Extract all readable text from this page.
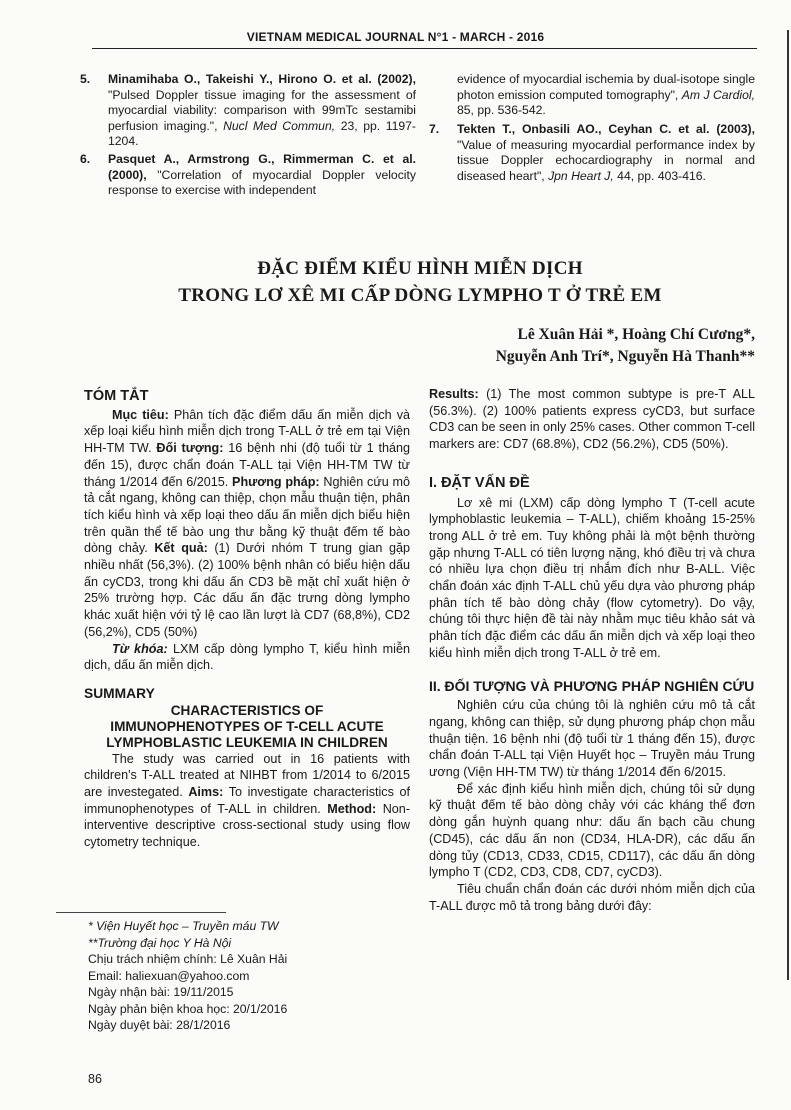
VIETNAM MEDICAL JOURNAL N°1 - MARCH - 2016
5. Minamihaba O., Takeishi Y., Hirono O. et al. (2002), "Pulsed Doppler tissue imaging for the assessment of myocardial viability: comparison with 99mTc sestamibi perfusion imaging.", Nucl Med Commun, 23, pp. 1197-1204.
6. Pasquet A., Armstrong G., Rimmerman C. et al. (2000), "Correlation of myocardial Doppler velocity response to exercise with independent
evidence of myocardial ischemia by dual-isotope single photon emission computed tomography", Am J Cardiol, 85, pp. 536-542.
7. Tekten T., Onbasili AO., Ceyhan C. et al. (2003), "Value of measuring myocardial performance index by tissue Doppler echocardiography in normal and diseased heart", Jpn Heart J, 44, pp. 403-416.
ĐẶC ĐIỂM KIỂU HÌNH MIỄN DỊCH
TRONG LƠ XÊ MI CẤP DÒNG LYMPHO T Ở TRẺ EM
Lê Xuân Hải *, Hoàng Chí Cương*,
Nguyễn Anh Trí*, Nguyễn Hà Thanh**
TÓM TẮT

Mục tiêu: Phân tích đặc điểm dấu ấn miễn dịch và xếp loại kiểu hình miễn dịch trong T-ALL ở trẻ em tại Viện HH-TM TW. Đối tượng: 16 bệnh nhi (độ tuổi từ 1 tháng đến 15), được chẩn đoán T-ALL tại Viện HH-TM TW từ tháng 1/2014 đến 6/2015. Phương pháp: Nghiên cứu mô tả cắt ngang, không can thiệp, chọn mẫu thuận tiện, phân tích kiểu hình và xếp loại theo dấu ấn miễn dịch biểu hiện trên quần thể tế bào ung thư bằng kỹ thuật đếm tế bào dòng chảy. Kết quả: (1) Dưới nhóm T trung gian gặp nhiều nhất (56,3%). (2) 100% bệnh nhân có biểu hiện dấu ấn cyCD3, trong khi dấu ấn CD3 bề mặt chỉ xuất hiện ở 25% trường hợp. Các dấu ấn đặc trưng dòng lympho khác xuất hiện với tỷ lệ cao lần lượt là CD7 (68,8%), CD2 (56,2%), CD5 (50%)

Từ khóa: LXM cấp dòng lympho T, kiểu hình miễn dịch, dấu ấn miễn dịch.

SUMMARY
CHARACTERISTICS OF
IMMUNOPHENOTYPES OF T-CELL ACUTE
LYMPHOBLASTIC LEUKEMIA IN CHILDREN

The study was carried out in 16 patients with children's T-ALL treated at NIHBT from 1/2014 to 6/2015 are investegated. Aims: To investigate characteristics of immunophenotypes of T-ALL in children. Method: Non-interventive descriptive cross-sectional study using flow cytometry technique.

* Viện Huyết học – Truyền máu TW
**Trường đại học Y Hà Nội
Chịu trách nhiệm chính: Lê Xuân Hải
Email: haliexuan@yahoo.com
Ngày nhận bài: 19/11/2015
Ngày phản biện khoa học: 20/1/2016
Ngày duyệt bài: 28/1/2016

Results: (1) The most common subtype is pre-T ALL (56.3%). (2) 100% patients express cyCD3, but surface CD3 can be seen in only 25% cases. Other common T-cell markers are: CD7 (68.8%), CD2 (56.2%), CD5 (50%).

I. ĐẶT VẤN ĐỀ

Lơ xê mi (LXM) cấp dòng lympho T (T-cell acute lymphoblastic leukemia – T-ALL), chiếm khoảng 15-25% trong ALL ở trẻ em. Tuy không phải là một bệnh thường gặp nhưng T-ALL có tiên lượng nặng, khó điều trị và chưa có nhiều lựa chọn điều trị nhắm đích như B-ALL. Việc chẩn đoán xác định T-ALL chủ yếu dựa vào phương pháp phân tích tế bào dòng chảy (flow cytometry). Do vậy, chúng tôi thực hiện đề tài này nhằm mục tiêu khảo sát và phân tích đặc điểm các dấu ấn miễn dịch và xếp loại theo kiểu hình miễn dịch trong T-ALL ở trẻ em.

II. ĐỐI TƯỢNG VÀ PHƯƠNG PHÁP NGHIÊN CỨU

Nghiên cứu của chúng tôi là nghiên cứu mô tả cắt ngang, không can thiệp, sử dụng phương pháp chọn mẫu thuận tiện. 16 bệnh nhi (độ tuổi từ 1 tháng đến 15), được chẩn đoán T-ALL tại Viện Huyết học – Truyền máu Trung ương (Viện HH-TM TW) từ tháng 1/2014 đến 6/2015.

Để xác định kiểu hình miễn dịch, chúng tôi sử dụng kỹ thuật đếm tế bào dòng chảy với các kháng thể đơn dòng gắn huỳnh quang như: dấu ấn bạch cầu chung (CD45), các dấu ấn non (CD34, HLA-DR), các dấu ấn dòng tủy (CD13, CD33, CD15, CD117), các dấu ấn dòng lympho T (CD2, CD3, CD8, CD7, cyCD3).

Tiêu chuẩn chẩn đoán các dưới nhóm miễn dịch của T-ALL được mô tả trong bảng dưới đây:

86
